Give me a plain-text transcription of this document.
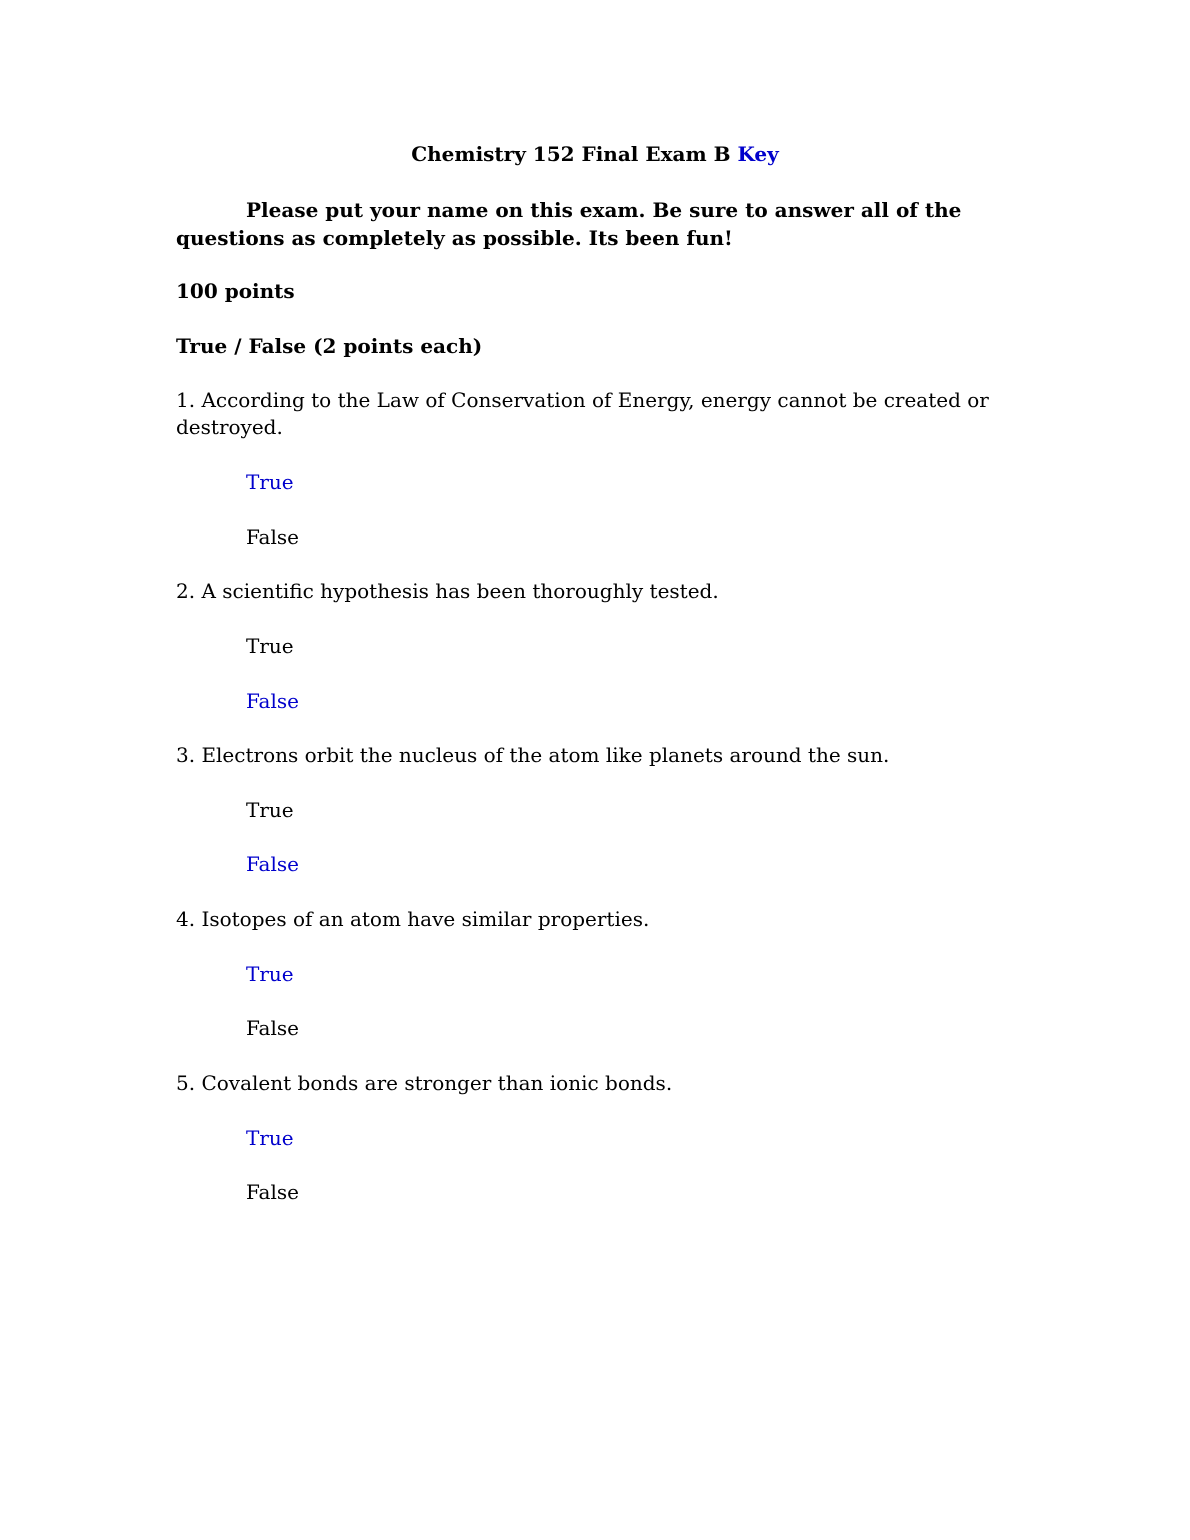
Chemistry 152 Final Exam B Key

Please put your name on this exam. Be sure to answer all of the questions as completely as possible. Its been fun!

100 points

True / False (2 points each)

1. According to the Law of Conservation of Energy, energy cannot be created or destroyed.

True

False

2. A scientific hypothesis has been thoroughly tested.

True

False

3. Electrons orbit the nucleus of the atom like planets around the sun.

True

False

4. Isotopes of an atom have similar properties.

True

False

5. Covalent bonds are stronger than ionic bonds.

True

False
